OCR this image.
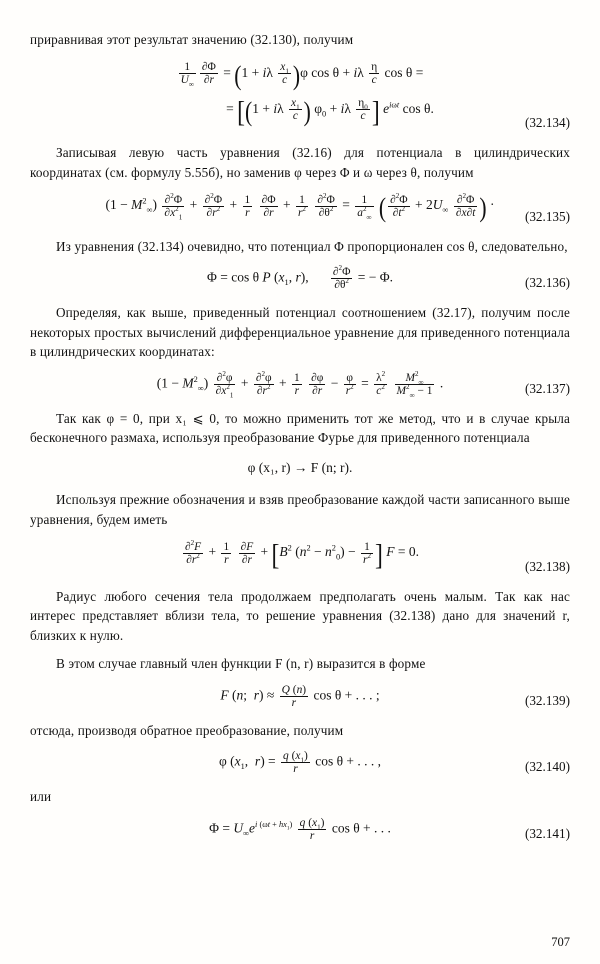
приравнивая этот результат значению (32.130), получим

$\frac{1}{U_\infty} \frac{\partial\Phi}{\partial r} = (1 + i\lambda \frac{x_1}{c} )\varphi$ cos θ + iλ $\frac{\eta}{c}$ cos θ =
= [(1 + iλ $\frac{x_1}{c}$ ) $\varphi_0 + i\lambda \frac{\eta_0}{c}$ ] $e^{i\omega t}$ cos θ.
(32.134)

Записывая левую часть уравнения (32.16) для потенциала в цилиндрических координатах (см. формулу 5.55б), но заменив φ через Φ и ω через θ, получим

$(1 - M^2_\infty) \frac{\partial^2\Phi}{\partial x^2_1} + \frac{\partial^2\Phi}{\partial r^2} + \frac{1}{r}$
$\frac{\partial\Phi}{\partial r} + \frac{1}{r^2}$
$\frac{\partial^2\Phi}{\partial\theta^2} = \frac{1}{a^2_\infty}$ ( $\frac{\partial^2\Phi}{\partial t^2} + 2U_\infty \frac{\partial^2\Phi}{\partial x\partial t}$ ) ·
(32.135)

Из уравнения (32.134) очевидно, что потенциал Φ пропорционален cos θ, следовательно,

Φ = cos θ P ($x_1$, r), $\frac{\partial^2\Phi}{\partial\theta^2}$ = − Φ.	(32.136)

Определяя, как выше, приведенный потенциал соотношением (32.17), получим после некоторых простых вычислений дифференциальное уравнение для приведенного потенциала в цилиндрических координатах:

$(1 - M^2_\infty) \frac{\partial^2\varphi}{\partial x^2_1} + \frac{\partial^2\varphi}{\partial r^2} + \frac{1}{r}$
$\frac{\partial\varphi}{\partial r} - \frac{\varphi}{r^2} = \frac{\lambda^2}{c^2}$
$\frac{M^2_\infty}{M^2_\infty - 1}$ .	(32.137)

Так как φ = 0, при x₁ ⩽ 0, то можно применить тот же метод, что и в случае крыла бесконечного размаха, используя преобразование Фурье для приведенного потенциала

φ (x₁, r) → F (n; r).

Используя прежние обозначения и взяв преобразование каждой части записанного выше уравнения, будем иметь

$\frac{\partial^2F}{\partial r^2} + \frac{1}{r}$
$\frac{\partial F}{\partial r} + [B^2$ $(n^2 - n^2_0) - \frac{1}{r^2}$ ] F = 0.
(32.138)

Радиус любого сечения тела продолжаем предполагать очень малым. Так как нас интерес представляет вблизи тела, то решение уравнения (32.138) дано для значений r, близких к нулю.

В этом случае главный член функции F (n, r) выразится в форме

F (n;  $r) \approx \frac{Q (n)}{r}$ cos θ + . . . ;	(32.139)

отсюда, производя обратное преобразование, получим

φ ($x_1$,  $r) = \frac{q (x_1)}{r}$ cos θ + . . . ,	(32.140)

или

$\Phi = U_\infty e^{i (\omega t + hx_1)} \frac{q (x_1)}{r}$ cos θ + . . .	(32.141)
707
